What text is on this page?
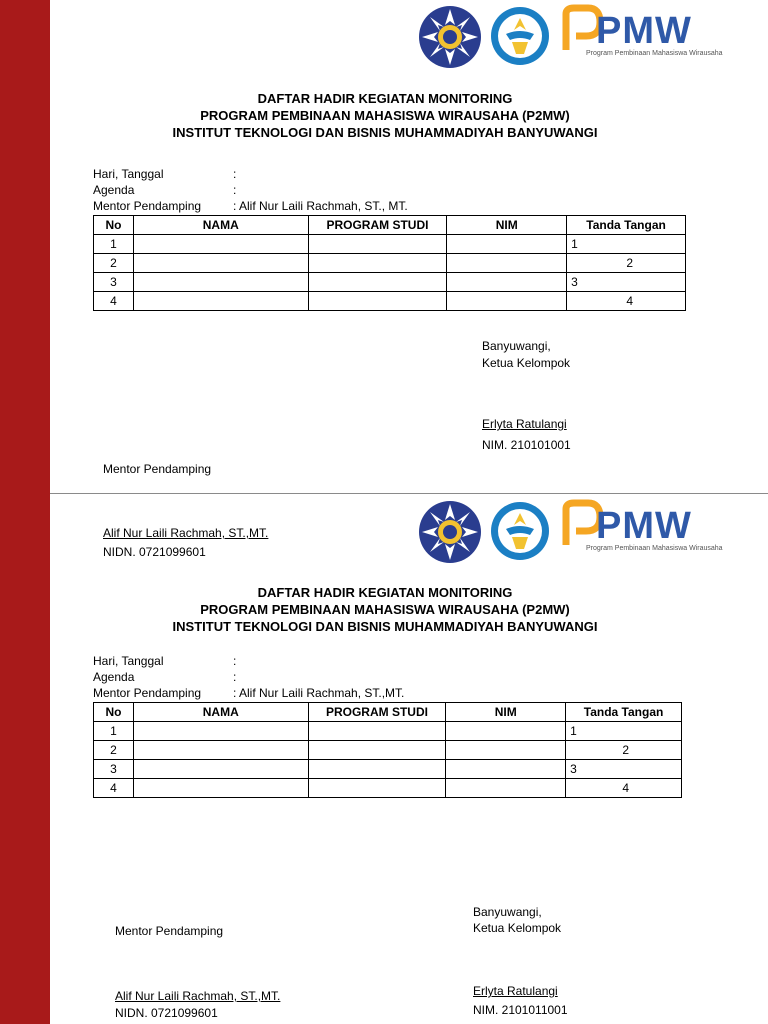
PMW
Program Pembinaan Mahasiswa Wirausaha
DAFTAR HADIR KEGIATAN MONITORING
PROGRAM PEMBINAAN MAHASISWA WIRAUSAHA (P2MW)
INSTITUT TEKNOLOGI DAN BISNIS MUHAMMADIYAH BANYUWANGI
Hari, Tanggal	:
Agenda	:
Mentor Pendamping	: Alif Nur Laili Rachmah, ST., MT.
No	NAMA	PROGRAM STUDI	NIM	Tanda Tangan
1				1
2				2
3				3
4				4
Banyuwangi,
Ketua Kelompok
Erlyta Ratulangi
NIM. 210101001
Mentor Pendamping
Alif Nur Laili Rachmah, ST.,MT.
NIDN. 0721099601
PMW
Program Pembinaan Mahasiswa Wirausaha
DAFTAR HADIR KEGIATAN MONITORING
PROGRAM PEMBINAAN MAHASISWA WIRAUSAHA (P2MW)
INSTITUT TEKNOLOGI DAN BISNIS MUHAMMADIYAH BANYUWANGI
Hari, Tanggal	:
Agenda	:
Mentor Pendamping	: Alif Nur Laili Rachmah, ST.,MT.
No	NAMA	PROGRAM STUDI	NIM	Tanda Tangan
1				1
2				2
3				3
4				4
Banyuwangi,
Ketua Kelompok
Mentor Pendamping
Erlyta Ratulangi
Alif Nur Laili Rachmah, ST.,MT.
NIM. 2101011001
NIDN. 0721099601
